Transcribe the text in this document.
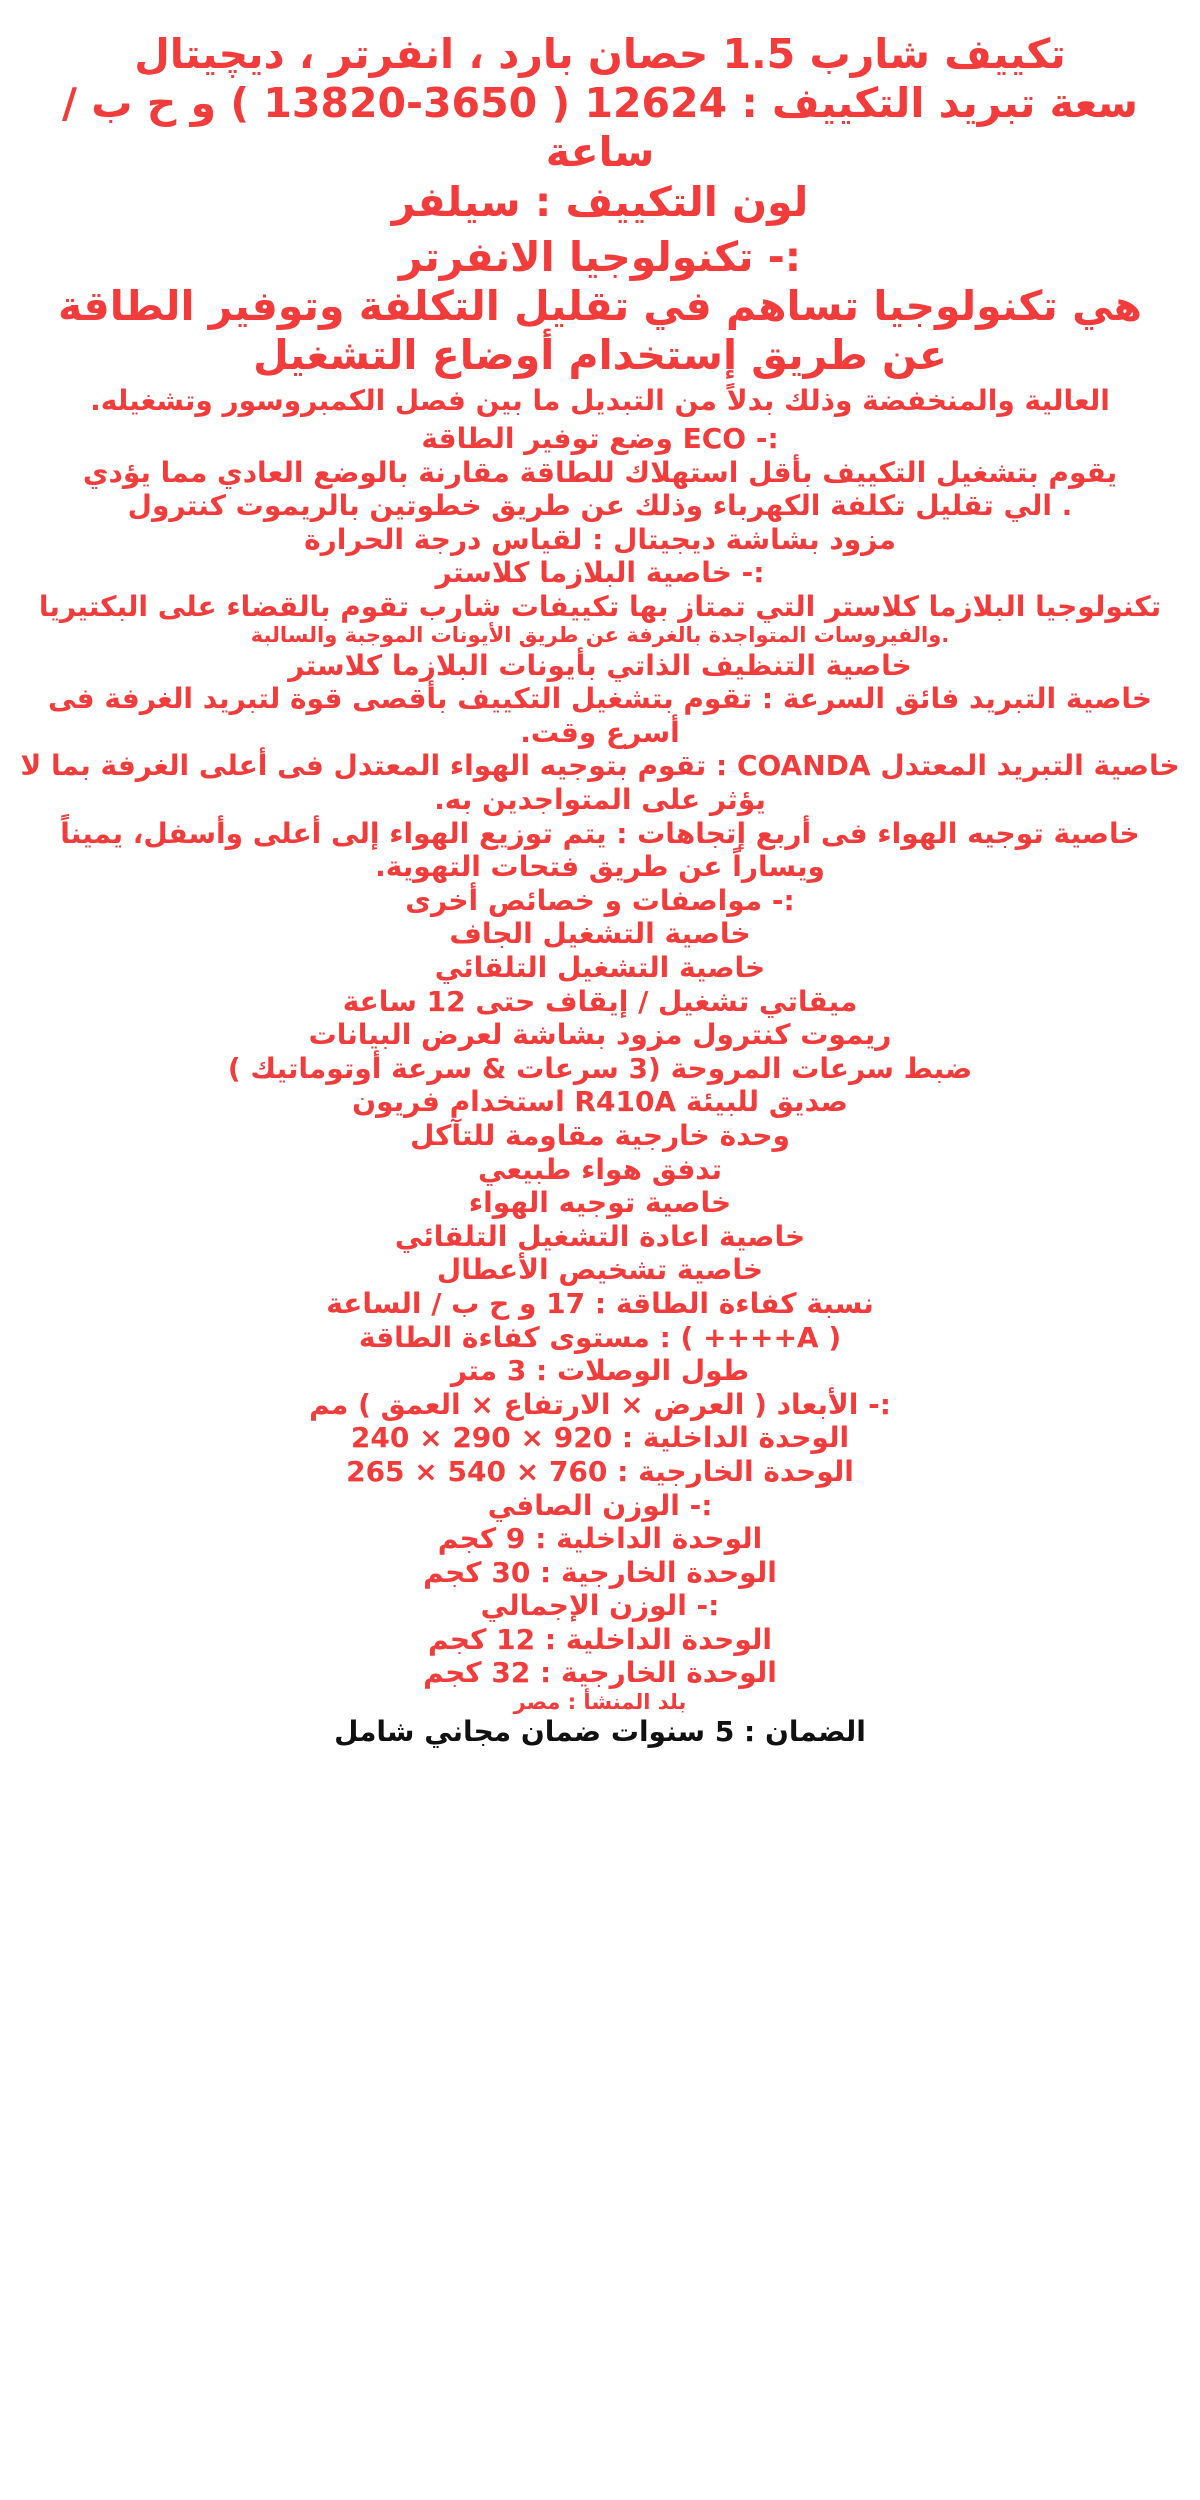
تكييف شارب 1.5 حصان بارد ، انفرتر ، ديچيتال

سعة تبريد التكييف : 12624 ( 3650-13820 ) و ح ب / ساعة

لون التكييف : سيلفر

:- تكنولوجيا الانفرتر

هي تكنولوجيا تساهم في تقليل التكلفة وتوفير الطاقة

عن طريق إستخدام أوضاع التشغيل

العالية والمنخفضة وذلك بدلاً من التبديل ما بين فصل الكمبروسور وتشغيله.

:- ECO وضع توفير الطاقة

يقوم بتشغيل التكييف بأقل استهلاك للطاقة مقارنة بالوضع العادي مما يؤدي

. الي تقليل تكلفة الكهرباء وذلك عن طريق خطوتين بالريموت كنترول

مزود بشاشة ديجيتال : لقياس درجة الحرارة

:- خاصية البلازما كلاستر

تكنولوجيا البلازما كلاستر التي تمتاز بها تكييفات شارب تقوم بالقضاء على البكتيريا

.والفيروسات المتواجدة بالغرفة عن طريق الأيونات الموجبة والسالبة

خاصية التنظيف الذاتي بأيونات البلازما كلاستر

خاصية التبريد فائق السرعة : تقوم بتشغيل التكييف بأقصى قوة لتبريد الغرفة فى أسرع وقت.

خاصية التبريد المعتدل COANDA : تقوم بتوجيه الهواء المعتدل فى أعلى الغرفة بما لا يؤثر على المتواجدين به.

خاصية توجيه الهواء فى أربع إتجاهات : يتم توزيع الهواء إلى أعلى وأسفل، يميناً ويساراً عن طريق فتحات التهوية.

:- مواصفات و خصائص أخرى

خاصية التشغيل الجاف

خاصية التشغيل التلقائي

ميقاتي تشغيل / إيقاف حتى 12 ساعة

ريموت كنترول مزود بشاشة لعرض البيانات

ضبط سرعات المروحة (3 سرعات & سرعة أوتوماتيك )

صديق للبيئة R410A استخدام فريون

وحدة خارجية مقاومة للتآكل

تدفق هواء طبيعي

خاصية توجيه الهواء

خاصية اعادة التشغيل التلقائي

خاصية تشخيص الأعطال

نسبة كفاءة الطاقة : 17 و ح ب / الساعة

( A++++ ) : مستوى كفاءة الطاقة

طول الوصلات : 3 متر

:- الأبعاد ( العرض × الارتفاع × العمق ) مم

الوحدة الداخلية : 920 × 290 × 240

الوحدة الخارجية : 760 × 540 × 265

:- الوزن الصافي

الوحدة الداخلية : 9 كجم

الوحدة الخارجية : 30 كجم

:- الوزن الإجمالي

الوحدة الداخلية : 12 كجم

الوحدة الخارجية : 32 كجم

بلد المنشأ : مصر

الضمان : 5 سنوات ضمان مجاني شامل
